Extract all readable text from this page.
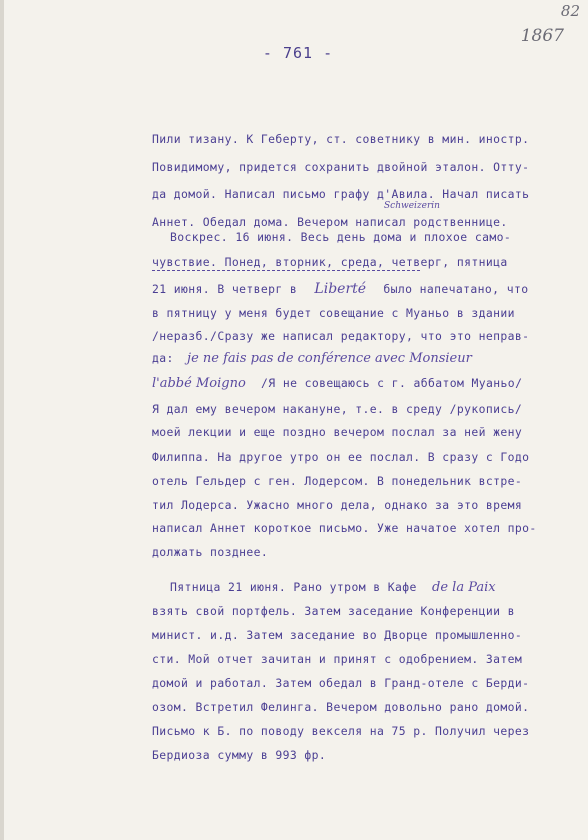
82
1867
- 761 -
Пили тизану. К Геберту, ст. советнику в мин. иностр.
Повидимому, придется сохранить двойной эталон. Отту-
да домой. Написал письмо графу д'Авила. Начал писать
Schweizerin
Аннет. Обедал дома. Вечером написал родственнице.
Воскрес. 16 июня. Весь день дома и плохое само-
чувствие. Понед, вторник, среда, четверг, пятница
21 июня. В четверг в Liberté было напечатано, что
в пятницу у меня будет совещание с Муаньо в здании
/неразб./Сразу же написал редактору, что это неправ-
да: je ne fais pas de conférence avec Monsieur
l'abbé Moigno /Я не совещаюсь с г. аббатом Муаньо/
Я дал ему вечером накануне, т.е. в среду /рукопись/
моей лекции и еще поздно вечером послал за ней жену
Филиппа. На другое утро он ее послал. В сразу с Годо
отель Гельдер с ген. Лодерсом. В понедельник встре-
тил Лодерса. Ужасно много дела, однако за это время
написал Аннет короткое письмо. Уже начатое хотел про-
должать позднее.
Пятница 21 июня. Рано утром в Кафе de la Paix
взять свой портфель. Затем заседание Конференции в
минист. и.д. Затем заседание во Дворце промышленно-
сти. Мой отчет зачитан и принят с одобрением. Затем
домой и работал. Затем обедал в Гранд-отеле с Берди-
озом. Встретил Фелинга. Вечером довольно рано домой.
Письмо к Б. по поводу векселя на 75 р. Получил через
Бердиоза сумму в 993 фр.
